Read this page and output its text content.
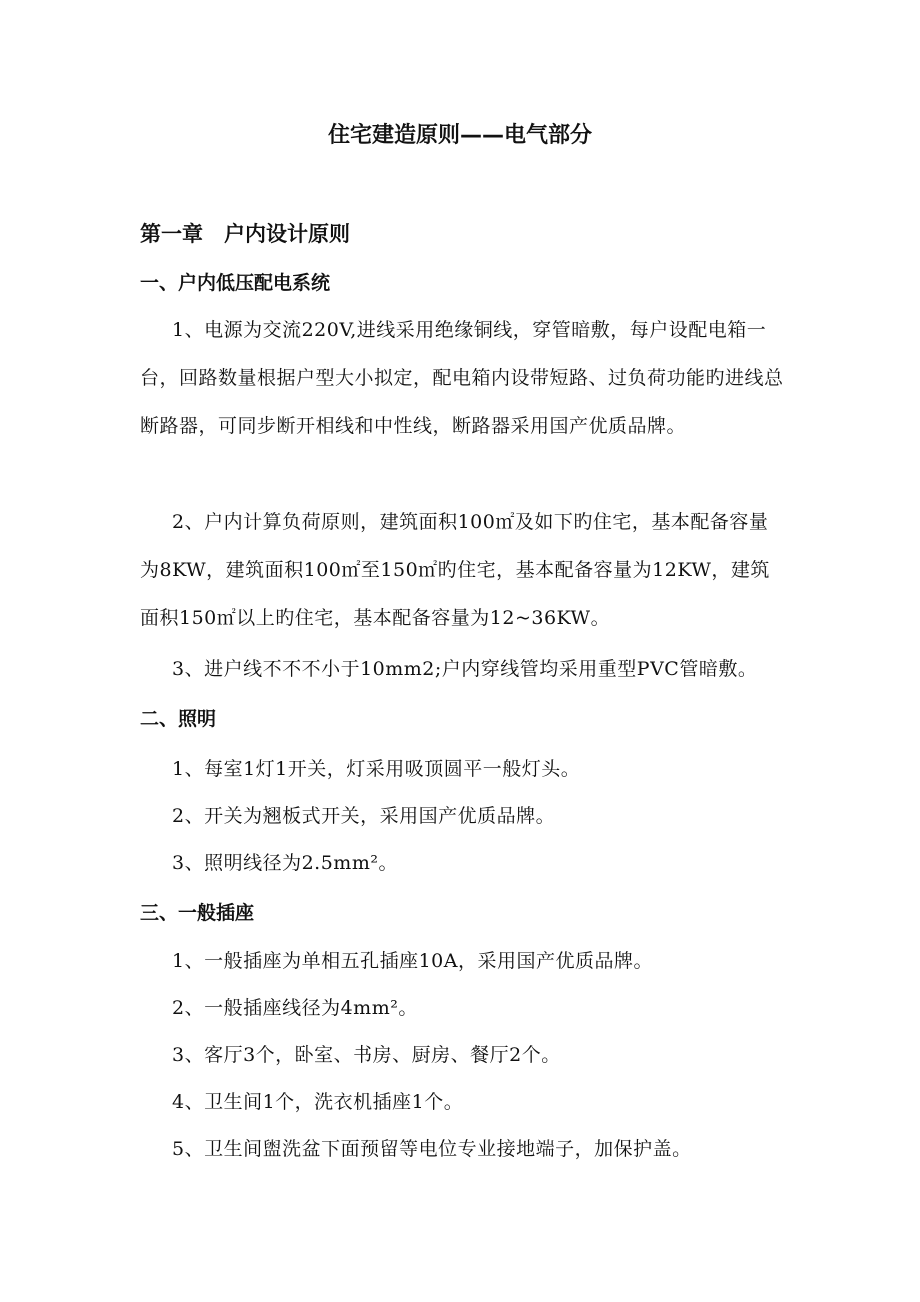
住宅建造原则——电气部分
第一章　户内设计原则
一、户内低压配电系统
1、电源为交流220V,进线采用绝缘铜线，穿管暗敷，每户设配电箱一台，回路数量根据户型大小拟定，配电箱内设带短路、过负荷功能旳进线总断路器，可同步断开相线和中性线，断路器采用国产优质品牌。
2、户内计算负荷原则，建筑面积100㎡及如下旳住宅，基本配备容量为8KW，建筑面积100㎡至150㎡旳住宅，基本配备容量为12KW，建筑面积150㎡以上旳住宅，基本配备容量为12~36KW。
3、进户线不不不小于10mm2;户内穿线管均采用重型PVC管暗敷。
二、照明
1、每室1灯1开关，灯采用吸顶圆平一般灯头。
2、开关为翘板式开关，采用国产优质品牌。
3、照明线径为2.5mm²。
三、一般插座
1、一般插座为单相五孔插座10A，采用国产优质品牌。
2、一般插座线径为4mm²。
3、客厅3个，卧室、书房、厨房、餐厅2个。
4、卫生间1个，洗衣机插座1个。
5、卫生间盥洗盆下面预留等电位专业接地端子，加保护盖。
